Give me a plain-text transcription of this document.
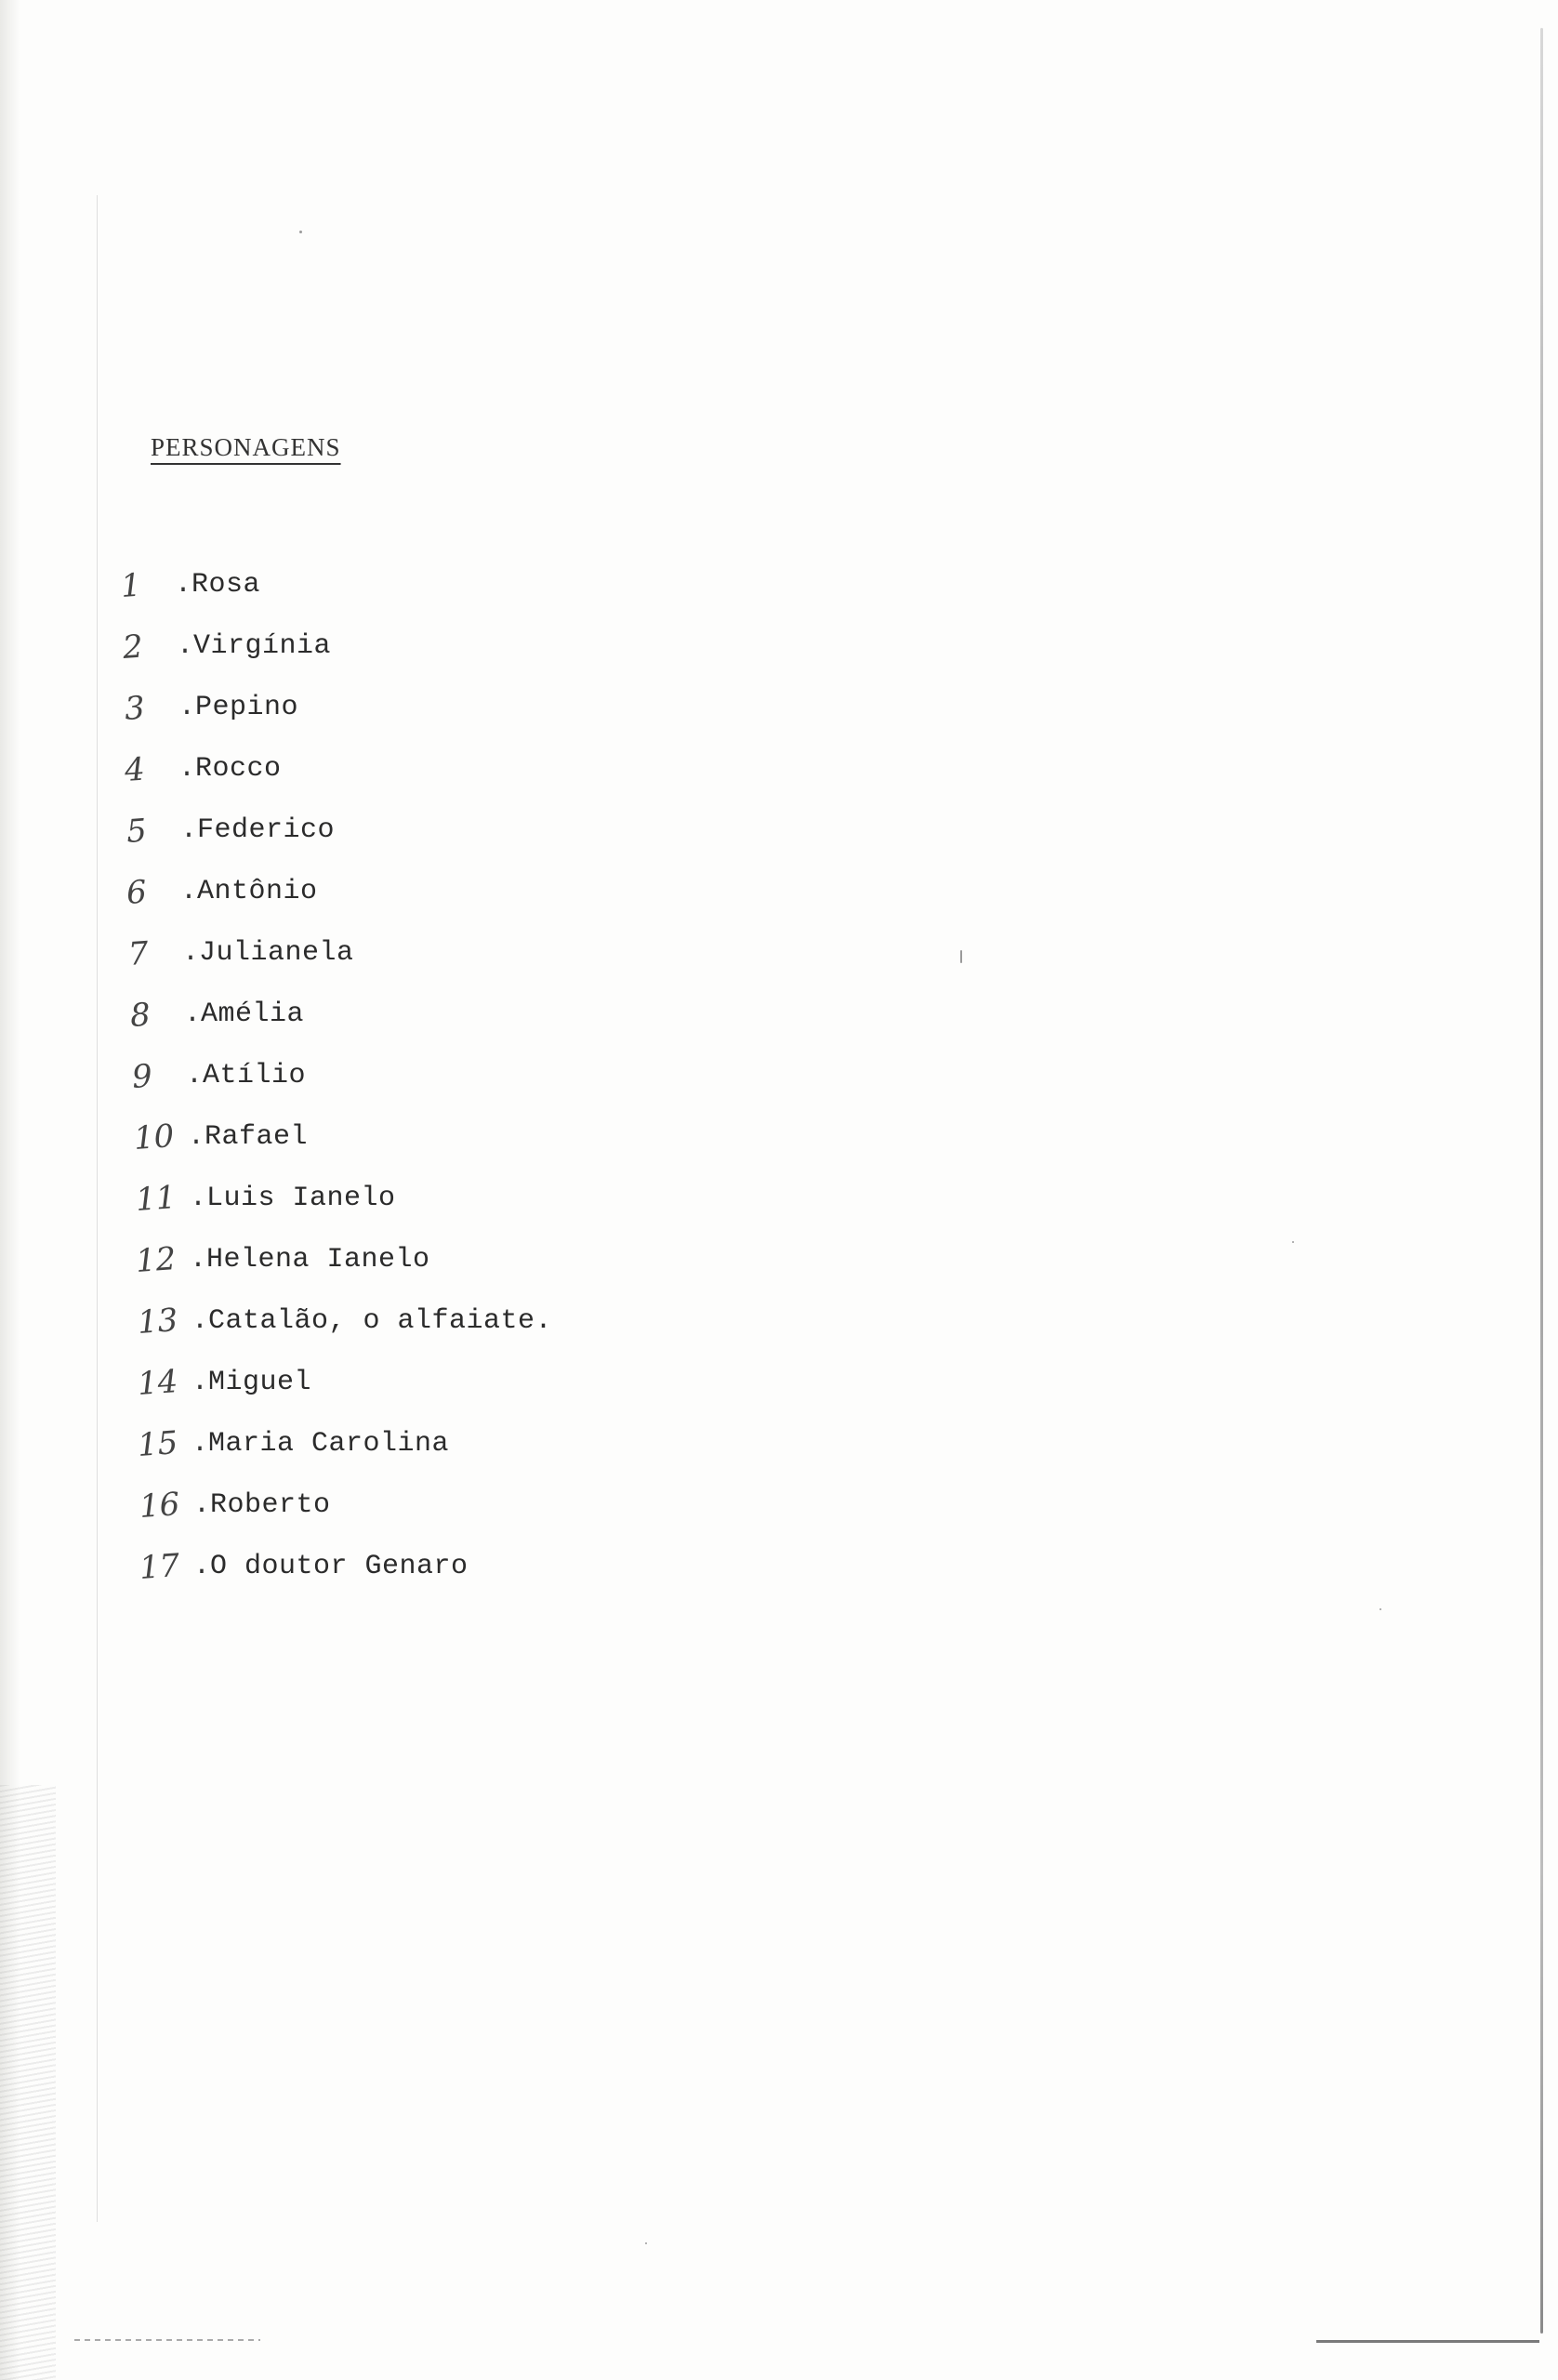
PERSONAGENS
1	. Rosa
2	. Virgínia
3	. Pepino
4	. Rocco
5	. Federico
6	. Antônio
7	. Julianela
8	. Amélia
9	. Atílio
10 . Rafael
11 . Luis Ianelo
12 . Helena Ianelo
13 . Catalão, o alfaiate.
14 . Miguel
15 . Maria Carolina
16 . Roberto
17 . O doutor Genaro
